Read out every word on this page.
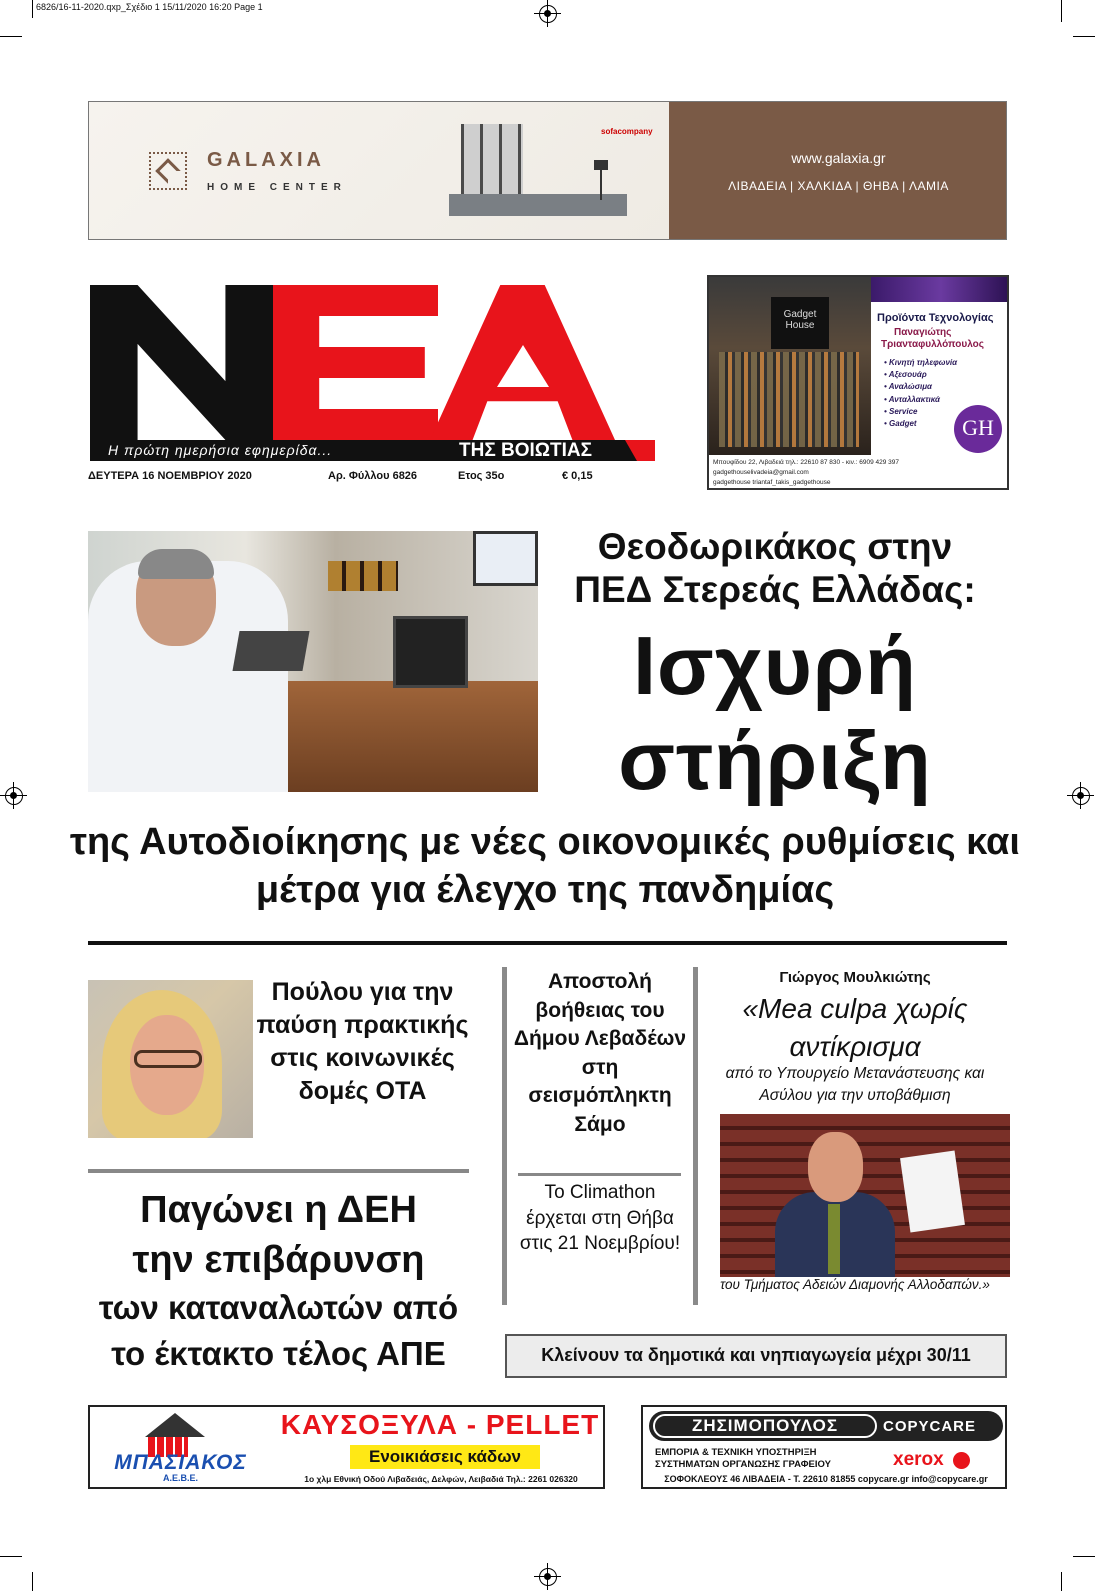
6826/16-11-2020.qxp_Σχέδιο 1 15/11/2020 16:20 Page 1
GALAXIA
HOME CENTER
sofacompany
www.galaxia.gr
ΛΙΒΑΔΕΙΑ | ΧΑΛΚΙΔΑ | ΘΗΒΑ | ΛΑΜΙΑ
Η πρώτη ημερήσια εφημερίδα...	ΤΗΣ ΒΟΙΩΤΙΑΣ
ΔΕΥΤΕΡΑ 16 ΝΟΕΜΒΡΙΟΥ 2020	Αρ. Φύλλου 6826	Ετος 35ο	€ 0,15
Gadget House
Προϊόντα Τεχνολογίας
Παναγιώτης
Τριανταφυλλόπουλος
• Κινητή τηλεφωνία
• Αξεσουάρ
• Αναλώσιμα
• Ανταλλακτικά
• Service
• Gadget	GH
Μπουφίδου 22, Λιβαδειά τηλ.: 22610 87 830 - κιν.: 6909 429 397
gadgethouselivadeia@gmail.com
gadgethouse triantaf_takis_gadgethouse
Θεοδωρικάκος στην ΠΕΔ Στερεάς Ελλάδας:
Ισχυρή στήριξη
της Αυτοδιοίκησης με νέες οικονομικές ρυθμίσεις και μέτρα για έλεγχο της πανδημίας
Πούλου για την παύση πρακτικής στις κοινωνικές δομές ΟΤΑ
Παγώνει η ΔΕΗ
την επιβάρυνση
των καταναλωτών από
το έκτακτο τέλος ΑΠΕ
Αποστολή βοήθειας του Δήμου Λεβαδέων στη σεισμόπληκτη Σάμο
Το Climathon έρχεται στη Θήβα στις 21 Νοεμβρίου!
Γιώργος Μουλκιώτης
«Mea culpa χωρίς αντίκρισμα
από το Υπουργείο Μετανάστευσης και Ασύλου για την υποβάθμιση
του Τμήματος Αδειών Διαμονής Αλλοδαπών.»
Κλείνουν τα δημοτικά και νηπιαγωγεία μέχρι 30/11
ΜΠΑΣΙΑΚΟΣ
Α.Ε.Β.Ε.
ΚΑΥΣΟΞΥΛΑ - PELLET
Ενοικιάσεις κάδων
1ο χλμ Εθνική Οδού Λιβαδειάς, Δελφών, Λειβαδιά Τηλ.: 2261 026320
ΖΗΣΙΜΟΠΟΥΛΟΣ	COPYCARE
ΕΜΠΟΡΙΑ & ΤΕΧΝΙΚΗ ΥΠΟΣΤΗΡΙΞΗ
ΣΥΣΤΗΜΑΤΩΝ ΟΡΓΑΝΩΣΗΣ ΓΡΑΦΕΙΟΥ	xerox
ΣΟΦΟΚΛΕΟΥΣ 46 ΛΙΒΑΔΕΙΑ - Τ. 22610 81855 copycare.gr info@copycare.gr
